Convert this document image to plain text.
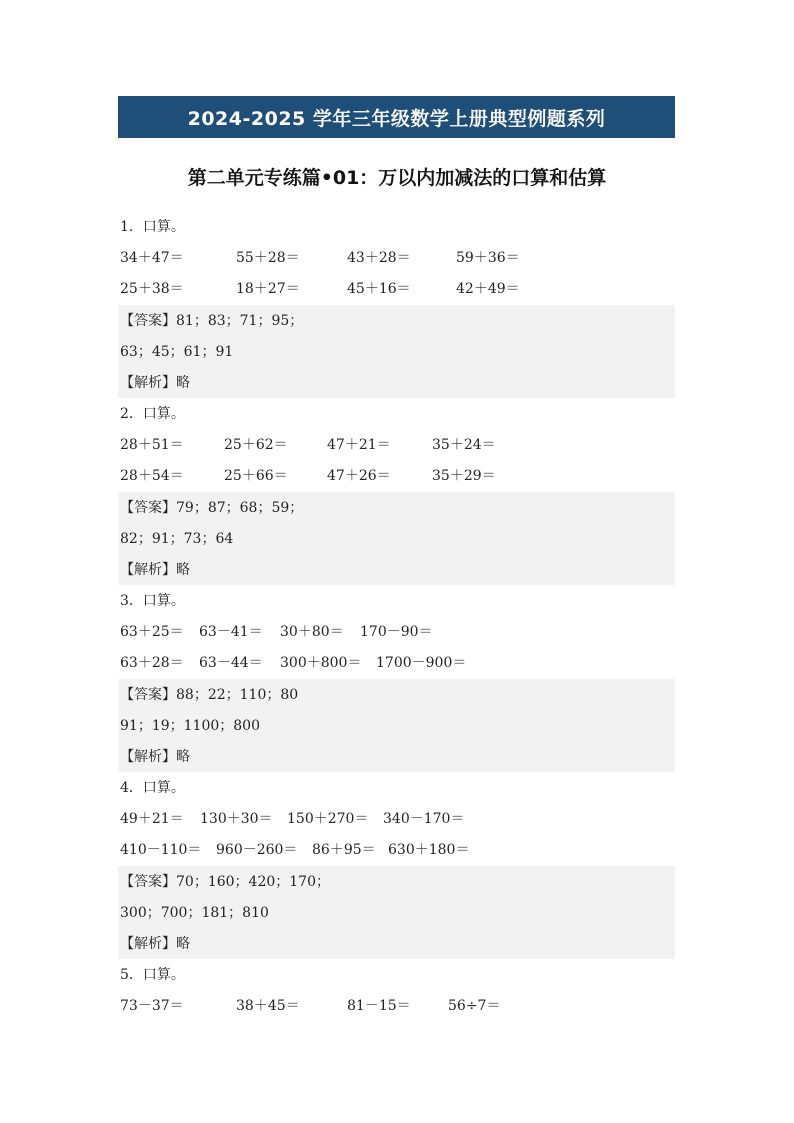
2024-2025 学年三年级数学上册典型例题系列
第二单元专练篇•01：万以内加减法的口算和估算
1．口算。
34＋47＝	55＋28＝	43＋28＝	59＋36＝
25＋38＝	18＋27＝	45＋16＝	42＋49＝
【答案】81；83；71；95；
63；45；61；91
【解析】略
2．口算。
28＋51＝	25＋62＝	47＋21＝	35＋24＝
28＋54＝	25＋66＝	47＋26＝	35＋29＝
【答案】79；87；68；59；
82；91；73；64
【解析】略
3．口算。
63＋25＝ 63－41＝ 30＋80＝ 170－90＝
63＋28＝ 63－44＝ 300＋800＝ 1700－900＝
【答案】88；22；110；80
91；19；1100；800
【解析】略
4．口算。
49＋21＝ 130＋30＝ 150＋270＝ 340－170＝
410－110＝ 960－260＝ 86＋95＝ 630＋180＝
【答案】70；160；420；170；
300；700；181；810
【解析】略
5．口算。
73－37＝	38＋45＝	81－15＝	56÷7＝
